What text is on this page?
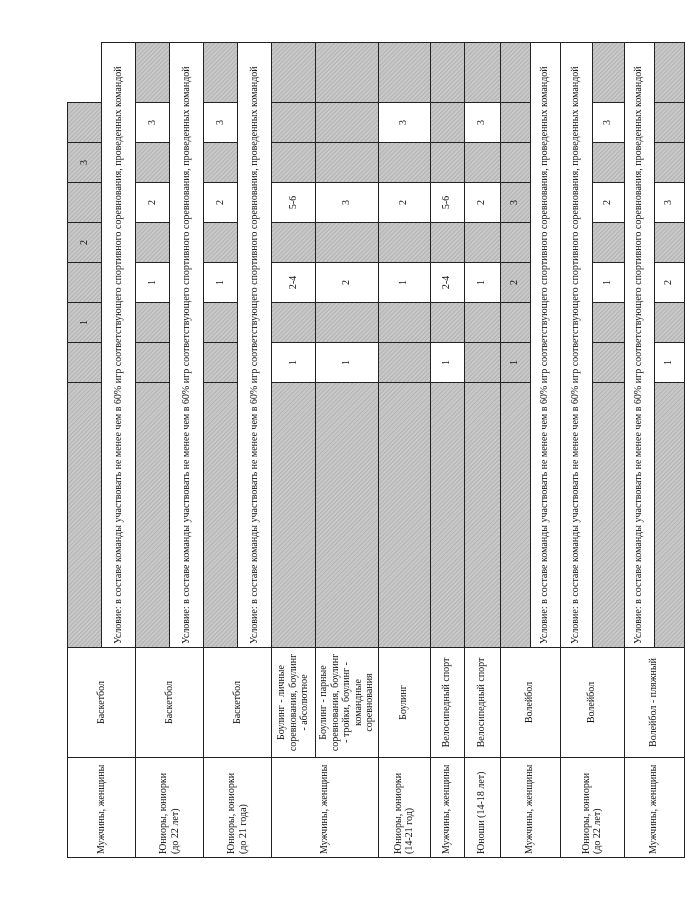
Мужчины, женщины	Баскетбол			1		2		3		
		Условие: в составе команды участвовать не менее чем в 60% игр соответствующего спортивного соревнования, проведенных командой								
Юниоры, юниорки (до 22 лет)	Баскетбол				1		2		3	
		Условие: в составе команды участвовать не менее чем в 60% игр соответствующего спортивного соревнования, проведенных командой								
Юниоры, юниорки (до 21 года)	Баскетбол				1		2		3	
		Условие: в составе команды участвовать не менее чем в 60% игр соответствующего спортивного соревнования, проведенных командой								
Мужчины, женщины	Боулинг - личные соревнования, боулинг - абсолютное		1		2-4		5-6			
	Боулинг - парные соревнования, боулинг - тройки, боулинг - командные соревнования		1		2		3			
Юниоры, юниорки (14-21 год)	Боулинг				1		2		3	
Мужчины, женщины	Велосипедный спорт		1		2-4		5-6			
Юноши (14-18 лет)	Велосипедный спорт				1		2		3	
Мужчины, женщины	Волейбол		1		2		3			
		Условие: в составе команды участвовать не менее чем в 60% игр соответствующего спортивного соревнования, проведенных командой								
Юниоры, юниорки (до 22 лет)	Волейбол	Условие: в составе команды участвовать не менее чем в 60% игр соответствующего спортивного соревнования, проведенных командой								
					1		2		3	
Мужчины, женщины	Волейбол - пляжный	Условие: в составе команды участвовать не менее чем в 60% игр соответствующего спортивного соревнования, проведенных командой								
			1		2		3			
